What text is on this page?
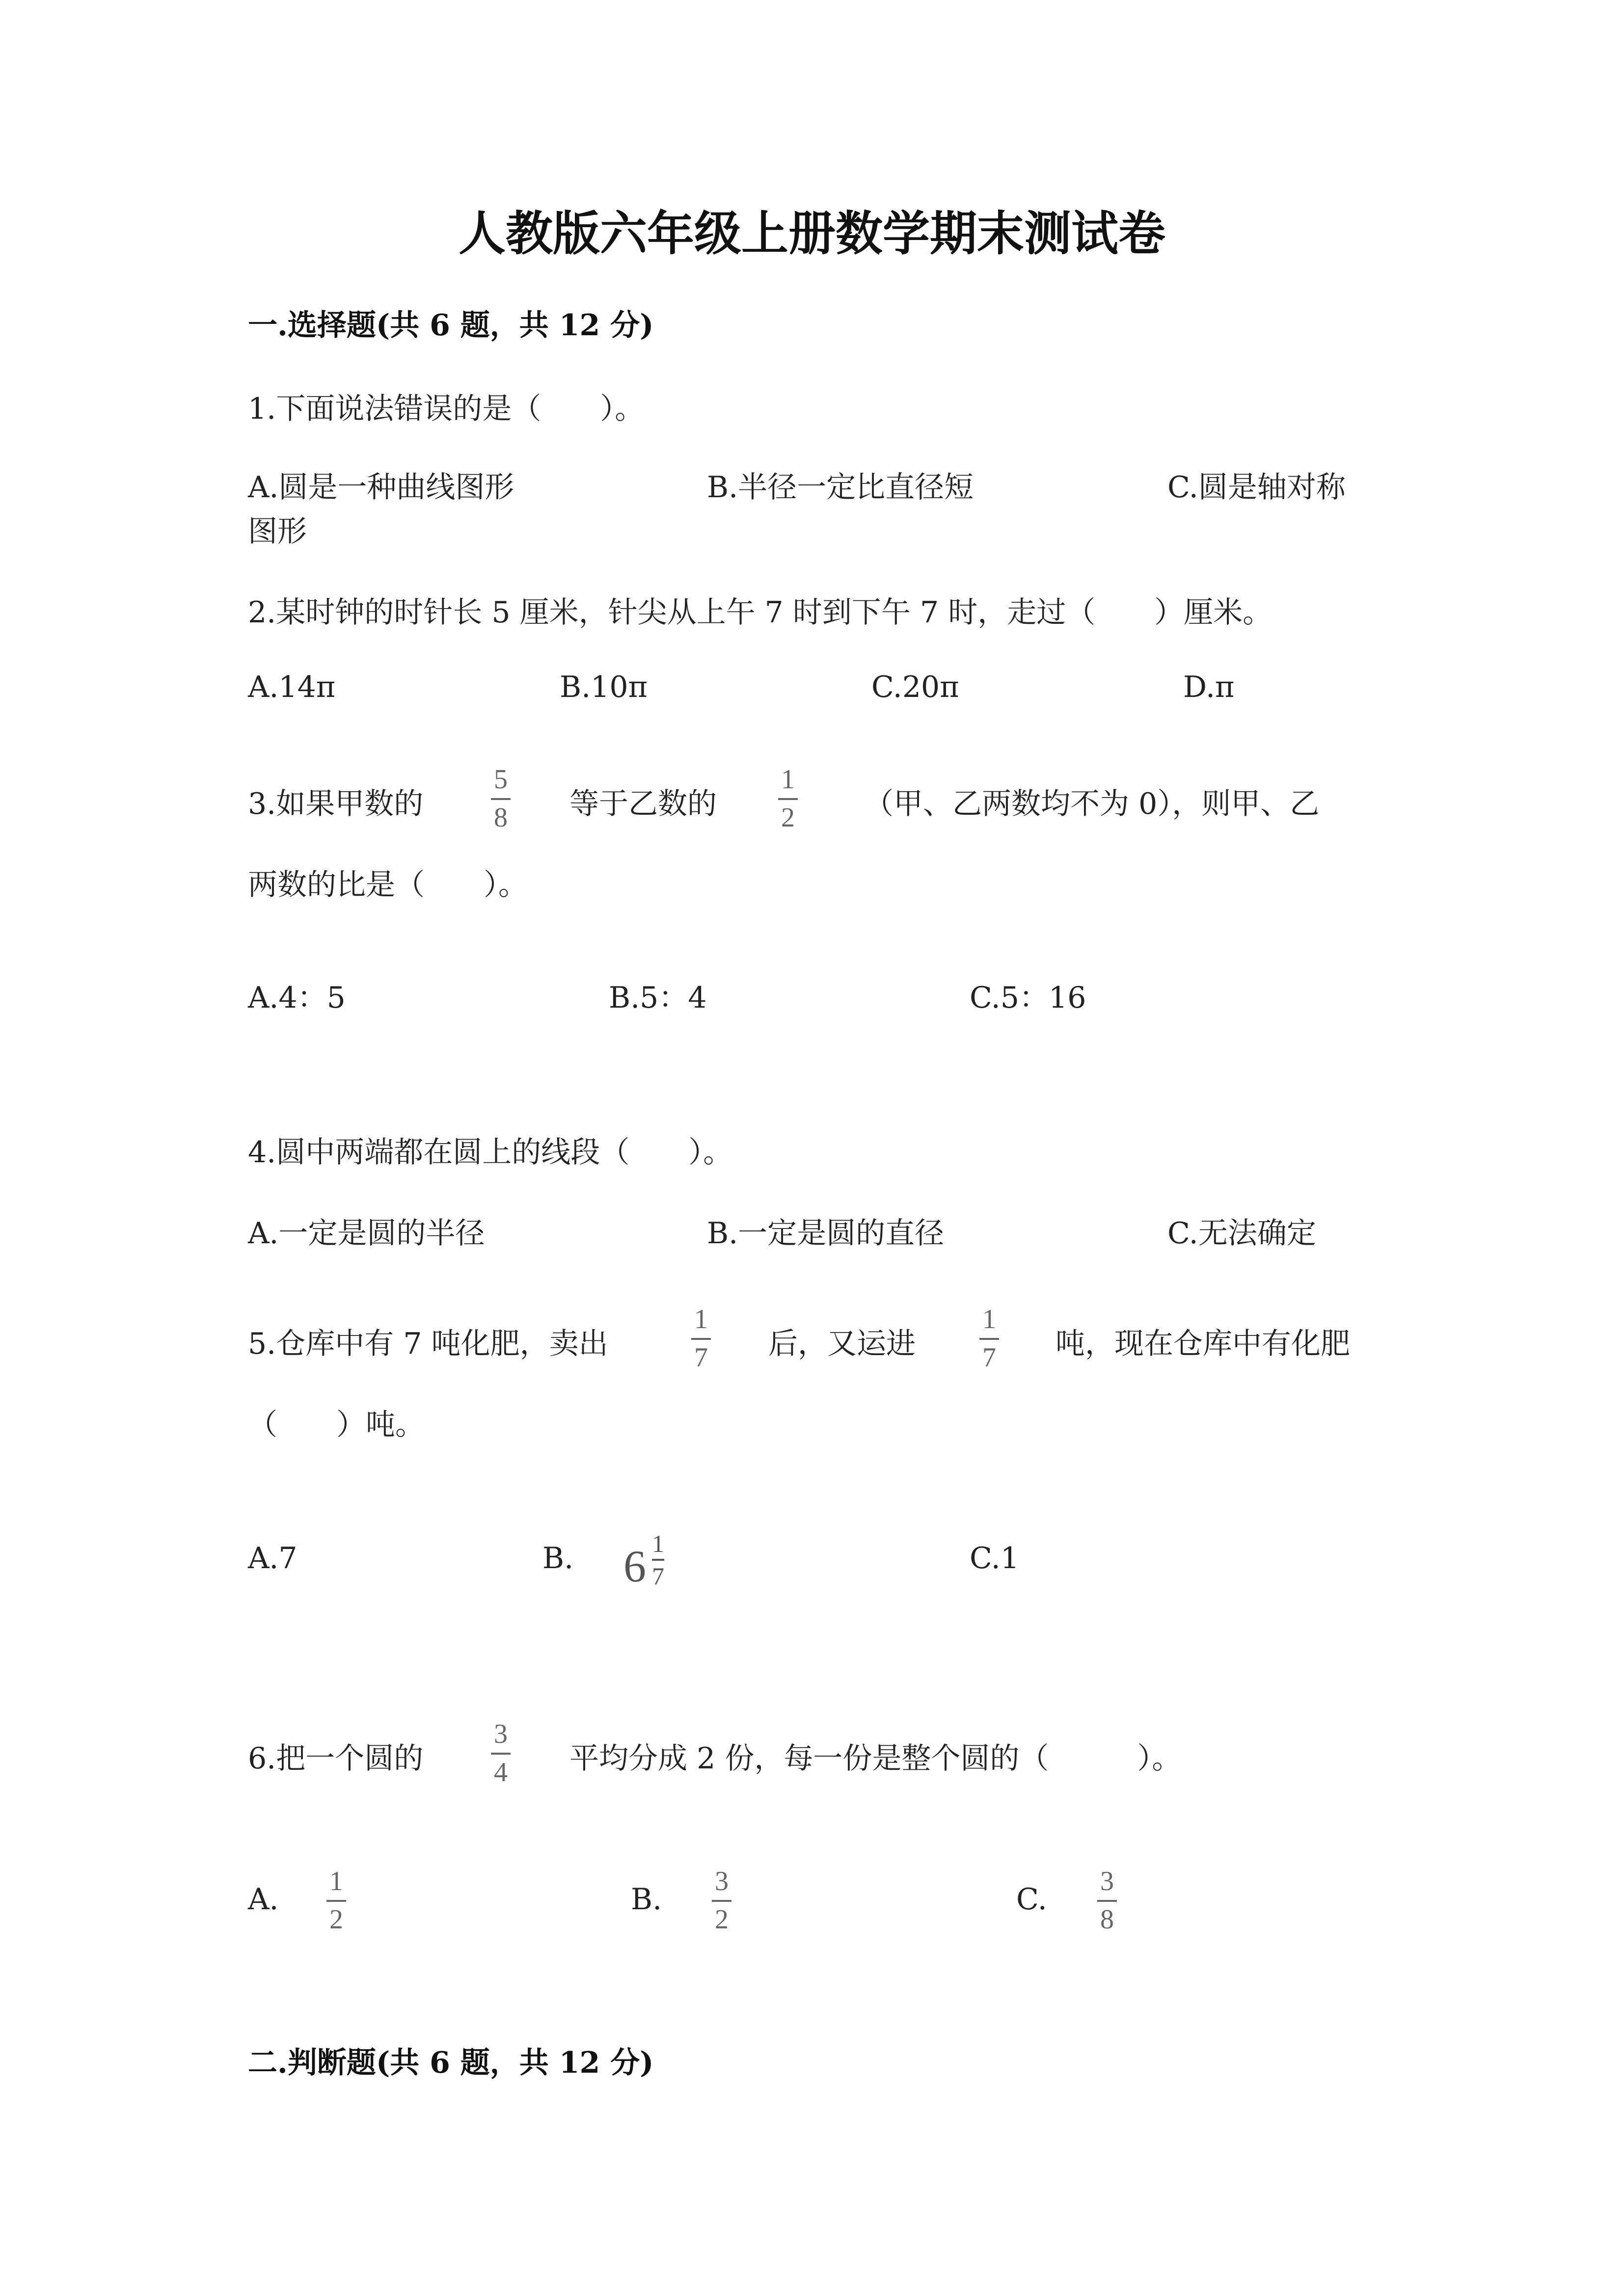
人教版六年级上册数学期末测试卷
一.选择题(共 6 题，共 12 分)
1.下面说法错误的是（　　）。
A.圆是一种曲线图形
图形
B.半径一定比直径短	C.圆是轴对称
2.某时钟的时针长 5 厘米，针尖从上午 7 时到下午 7 时，走过（　　）厘米。
A.14π	B.10π	C.20π	D.π
3.如果甲数的
5
8 等于乙数的
1
2 （甲、乙两数均不为 0），则甲、乙
两数的比是（　　）。
A.4：5	B.5：4	C.5：16
4.圆中两端都在圆上的线段（　　）。
A.一定是圆的半径	B.一定是圆的直径	C.无法确定
5.仓库中有 7 吨化肥，卖出
1
7 后，又运进
1
7 吨，现在仓库中有化肥
（　　）吨。
A.7	B. 6 1
7
C.1
6.把一个圆的
3
4 平均分成 2 份，每一份是整个圆的（　　　）。
A.
1
2
B.
3
2
C.
3
8
二.判断题(共 6 题，共 12 分)
